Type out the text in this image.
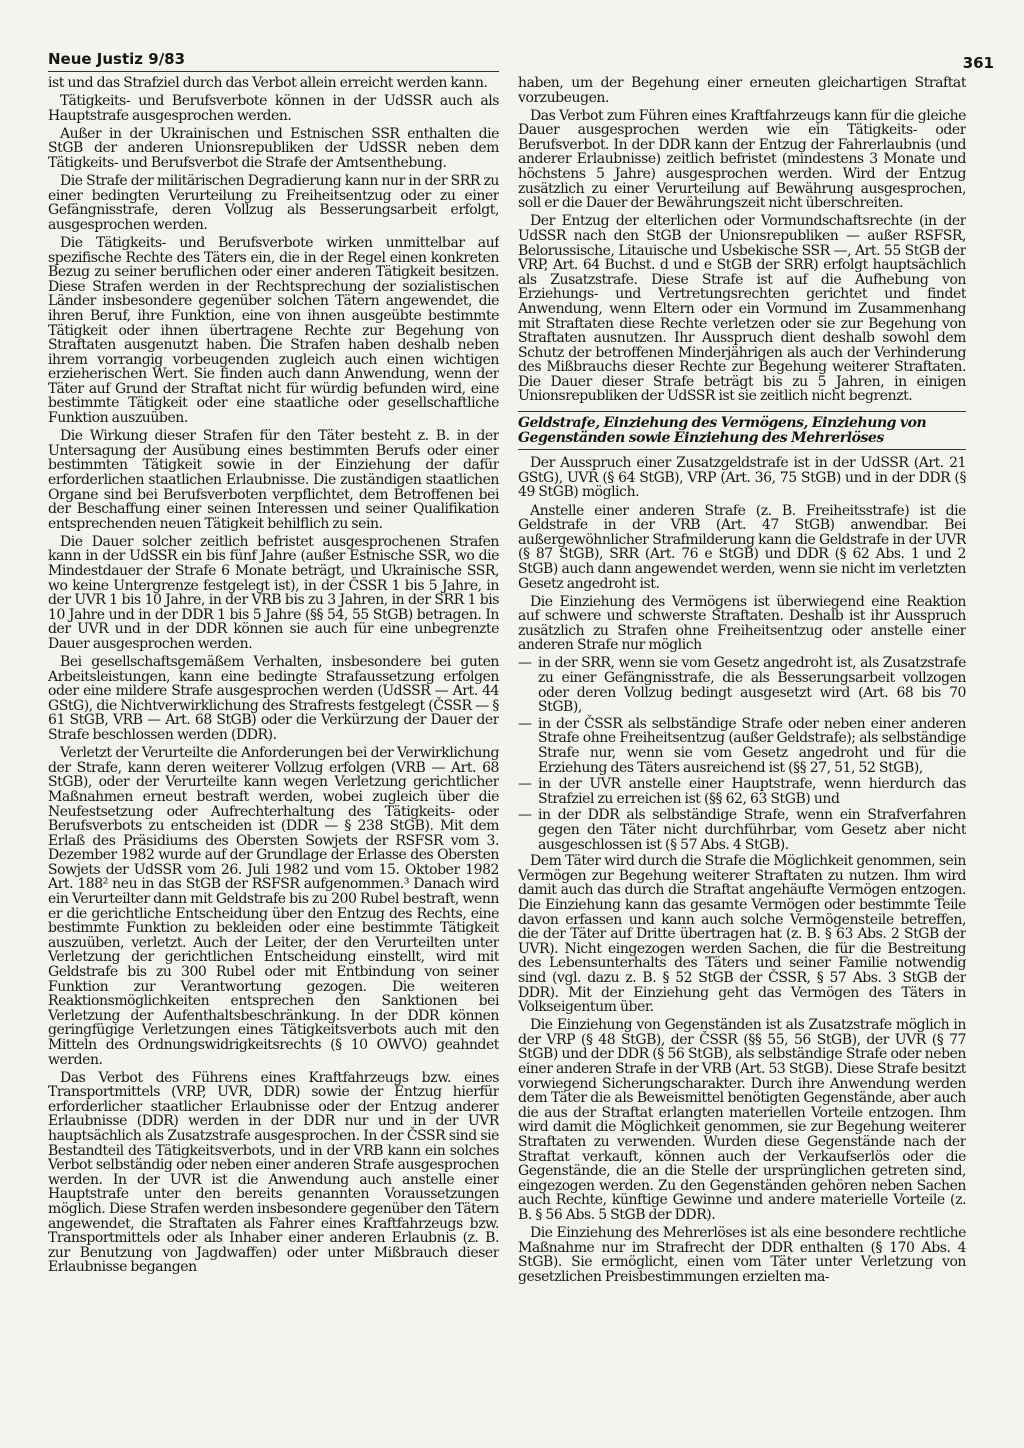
Neue Justiz 9/83	361

ist und das Strafziel durch das Verbot allein erreicht werden kann.

Tätigkeits- und Berufsverbote können in der UdSSR auch als Hauptstrafe ausgesprochen werden.

Außer in der Ukrainischen und Estnischen SSR enthalten die StGB der anderen Unionsrepubliken der UdSSR neben dem Tätigkeits- und Berufsverbot die Strafe der Amtsenthebung.

Die Strafe der militärischen Degradierung kann nur in der SRR zu einer bedingten Verurteilung zu Freiheitsentzug oder zu einer Gefängnisstrafe, deren Vollzug als Besserungsarbeit erfolgt, ausgesprochen werden.

Die Tätigkeits- und Berufsverbote wirken unmittelbar auf spezifische Rechte des Täters ein, die in der Regel einen konkreten Bezug zu seiner beruflichen oder einer anderen Tätigkeit besitzen. Diese Strafen werden in der Rechtsprechung der sozialistischen Länder insbesondere gegenüber solchen Tätern angewendet, die ihren Beruf, ihre Funktion, eine von ihnen ausgeübte bestimmte Tätigkeit oder ihnen übertragene Rechte zur Begehung von Straftaten ausgenutzt haben. Die Strafen haben deshalb neben ihrem vorrangig vorbeugenden zugleich auch einen wichtigen erzieherischen Wert. Sie finden auch dann Anwendung, wenn der Täter auf Grund der Straftat nicht für würdig befunden wird, eine bestimmte Tätigkeit oder eine staatliche oder gesellschaftliche Funktion auszuüben.

Die Wirkung dieser Strafen für den Täter besteht z. B. in der Untersagung der Ausübung eines bestimmten Berufs oder einer bestimmten Tätigkeit sowie in der Einziehung der dafür erforderlichen staatlichen Erlaubnisse. Die zuständigen staatlichen Organe sind bei Berufsverboten verpflichtet, dem Betroffenen bei der Beschaffung einer seinen Interessen und seiner Qualifikation entsprechenden neuen Tätigkeit behilflich zu sein.

Die Dauer solcher zeitlich befristet ausgesprochenen Strafen kann in der UdSSR ein bis fünf Jahre (außer Estnische SSR, wo die Mindestdauer der Strafe 6 Monate beträgt, und Ukrainische SSR, wo keine Untergrenze festgelegt ist), in der ČSSR 1 bis 5 Jahre, in der UVR 1 bis 10 Jahre, in der VRB bis zu 3 Jahren, in der SRR 1 bis 10 Jahre und in der DDR 1 bis 5 Jahre (§§ 54, 55 StGB) betragen. In der UVR und in der DDR können sie auch für eine unbegrenzte Dauer ausgesprochen werden.

Bei gesellschaftsgemäßem Verhalten, insbesondere bei guten Arbeitsleistungen, kann eine bedingte Strafaussetzung erfolgen oder eine mildere Strafe ausgesprochen werden (UdSSR — Art. 44 GStG), die Nichtverwirklichung des Strafrests festgelegt (ČSSR — § 61 StGB, VRB — Art. 68 StGB) oder die Verkürzung der Dauer der Strafe beschlossen werden (DDR).

Verletzt der Verurteilte die Anforderungen bei der Verwirklichung der Strafe, kann deren weiterer Vollzug erfolgen (VRB — Art. 68 StGB), oder der Verurteilte kann wegen Verletzung gerichtlicher Maßnahmen erneut bestraft werden, wobei zugleich über die Neufestsetzung oder Aufrechterhaltung des Tätigkeits- oder Berufsverbots zu entscheiden ist (DDR — § 238 StGB). Mit dem Erlaß des Präsidiums des Obersten Sowjets der RSFSR vom 3. Dezember 1982 wurde auf der Grundlage der Erlasse des Obersten Sowjets der UdSSR vom 26. Juli 1982 und vom 15. Oktober 1982 Art. 188² neu in das StGB der RSFSR aufgenommen.³ Danach wird ein Verurteilter dann mit Geldstrafe bis zu 200 Rubel bestraft, wenn er die gerichtliche Entscheidung über den Entzug des Rechts, eine bestimmte Funktion zu bekleiden oder eine bestimmte Tätigkeit auszuüben, verletzt. Auch der Leiter, der den Verurteilten unter Verletzung der gerichtlichen Entscheidung einstellt, wird mit Geldstrafe bis zu 300 Rubel oder mit Entbindung von seiner Funktion zur Verantwortung gezogen. Die weiteren Reaktionsmöglichkeiten entsprechen den Sanktionen bei Verletzung der Aufenthaltsbeschränkung. In der DDR können geringfügige Verletzungen eines Tätigkeitsverbots auch mit den Mitteln des Ordnungswidrigkeitsrechts (§ 10 OWVO) geahndet werden.

Das Verbot des Führens eines Kraftfahrzeugs bzw. eines Transportmittels (VRP, UVR, DDR) sowie der Entzug hierfür erforderlicher staatlicher Erlaubnisse oder der Entzug anderer Erlaubnisse (DDR) werden in der DDR nur und in der UVR hauptsächlich als Zusatzstrafe ausgesprochen. In der ČSSR sind sie Bestandteil des Tätigkeitsverbots, und in der VRB kann ein solches Verbot selbständig oder neben einer anderen Strafe ausgesprochen werden. In der UVR ist die Anwendung auch anstelle einer Hauptstrafe unter den bereits genannten Voraussetzungen möglich. Diese Strafen werden insbesondere gegenüber den Tätern angewendet, die Straftaten als Fahrer eines Kraftfahrzeugs bzw. Transportmittels oder als Inhaber einer anderen Erlaubnis (z. B. zur Benutzung von Jagdwaffen) oder unter Mißbrauch dieser Erlaubnisse begangen

haben, um der Begehung einer erneuten gleichartigen Straftat vorzubeugen.

Das Verbot zum Führen eines Kraftfahrzeugs kann für die gleiche Dauer ausgesprochen werden wie ein Tätigkeits- oder Berufsverbot. In der DDR kann der Entzug der Fahrerlaubnis (und anderer Erlaubnisse) zeitlich befristet (mindestens 3 Monate und höchstens 5 Jahre) ausgesprochen werden. Wird der Entzug zusätzlich zu einer Verurteilung auf Bewährung ausgesprochen, soll er die Dauer der Bewährungszeit nicht überschreiten.

Der Entzug der elterlichen oder Vormundschaftsrechte (in der UdSSR nach den StGB der Unionsrepubliken — außer RSFSR, Belorussische, Litauische und Usbekische SSR —, Art. 55 StGB der VRP, Art. 64 Buchst. d und e StGB der SRR) erfolgt hauptsächlich als Zusatzstrafe. Diese Strafe ist auf die Aufhebung von Erziehungs- und Vertretungsrechten gerichtet und findet Anwendung, wenn Eltern oder ein Vormund im Zusammenhang mit Straftaten diese Rechte verletzen oder sie zur Begehung von Straftaten ausnutzen. Ihr Ausspruch dient deshalb sowohl dem Schutz der betroffenen Minderjährigen als auch der Verhinderung des Mißbrauchs dieser Rechte zur Begehung weiterer Straftaten. Die Dauer dieser Strafe beträgt bis zu 5 Jahren, in einigen Unionsrepubliken der UdSSR ist sie zeitlich nicht begrenzt.

Geldstrafe, Einziehung des Vermögens, Einziehung von Gegenständen sowie Einziehung des Mehrerlöses

Der Ausspruch einer Zusatzgeldstrafe ist in der UdSSR (Art. 21 GStG), UVR (§ 64 StGB), VRP (Art. 36, 75 StGB) und in der DDR (§ 49 StGB) möglich.

Anstelle einer anderen Strafe (z. B. Freiheitsstrafe) ist die Geldstrafe in der VRB (Art. 47 StGB) anwendbar. Bei außergewöhnlicher Strafmilderung kann die Geldstrafe in der UVR (§ 87 StGB), SRR (Art. 76 e StGB) und DDR (§ 62 Abs. 1 und 2 StGB) auch dann angewendet werden, wenn sie nicht im verletzten Gesetz angedroht ist.

Die Einziehung des Vermögens ist überwiegend eine Reaktion auf schwere und schwerste Straftaten. Deshalb ist ihr Ausspruch zusätzlich zu Strafen ohne Freiheitsentzug oder anstelle einer anderen Strafe nur möglich

— in der SRR, wenn sie vom Gesetz angedroht ist, als Zusatzstrafe zu einer Gefängnisstrafe, die als Besserungsarbeit vollzogen oder deren Vollzug bedingt ausgesetzt wird (Art. 68 bis 70 StGB),
— in der ČSSR als selbständige Strafe oder neben einer anderen Strafe ohne Freiheitsentzug (außer Geldstrafe); als selbständige Strafe nur, wenn sie vom Gesetz angedroht und für die Erziehung des Täters ausreichend ist (§§ 27, 51, 52 StGB),
— in der UVR anstelle einer Hauptstrafe, wenn hierdurch das Strafziel zu erreichen ist (§§ 62, 63 StGB) und
— in der DDR als selbständige Strafe, wenn ein Strafverfahren gegen den Täter nicht durchführbar, vom Gesetz aber nicht ausgeschlossen ist (§ 57 Abs. 4 StGB).

Dem Täter wird durch die Strafe die Möglichkeit genommen, sein Vermögen zur Begehung weiterer Straftaten zu nutzen. Ihm wird damit auch das durch die Straftat angehäufte Vermögen entzogen. Die Einziehung kann das gesamte Vermögen oder bestimmte Teile davon erfassen und kann auch solche Vermögensteile betreffen, die der Täter auf Dritte übertragen hat (z. B. § 63 Abs. 2 StGB der UVR). Nicht eingezogen werden Sachen, die für die Bestreitung des Lebensunterhalts des Täters und seiner Familie notwendig sind (vgl. dazu z. B. § 52 StGB der ČSSR, § 57 Abs. 3 StGB der DDR). Mit der Einziehung geht das Vermögen des Täters in Volkseigentum über.

Die Einziehung von Gegenständen ist als Zusatzstrafe möglich in der VRP (§ 48 StGB), der ČSSR (§§ 55, 56 StGB), der UVR (§ 77 StGB) und der DDR (§ 56 StGB), als selbständige Strafe oder neben einer anderen Strafe in der VRB (Art. 53 StGB). Diese Strafe besitzt vorwiegend Sicherungscharakter. Durch ihre Anwendung werden dem Täter die als Beweismittel benötigten Gegenstände, aber auch die aus der Straftat erlangten materiellen Vorteile entzogen. Ihm wird damit die Möglichkeit genommen, sie zur Begehung weiterer Straftaten zu verwenden. Wurden diese Gegenstände nach der Straftat verkauft, können auch der Verkaufserlös oder die Gegenstände, die an die Stelle der ursprünglichen getreten sind, eingezogen werden. Zu den Gegenständen gehören neben Sachen auch Rechte, künftige Gewinne und andere materielle Vorteile (z. B. § 56 Abs. 5 StGB der DDR).

Die Einziehung des Mehrerlöses ist als eine besondere rechtliche Maßnahme nur im Strafrecht der DDR enthalten (§ 170 Abs. 4 StGB). Sie ermöglicht, einen vom Täter unter Verletzung von gesetzlichen Preisbestimmungen erzielten ma-
